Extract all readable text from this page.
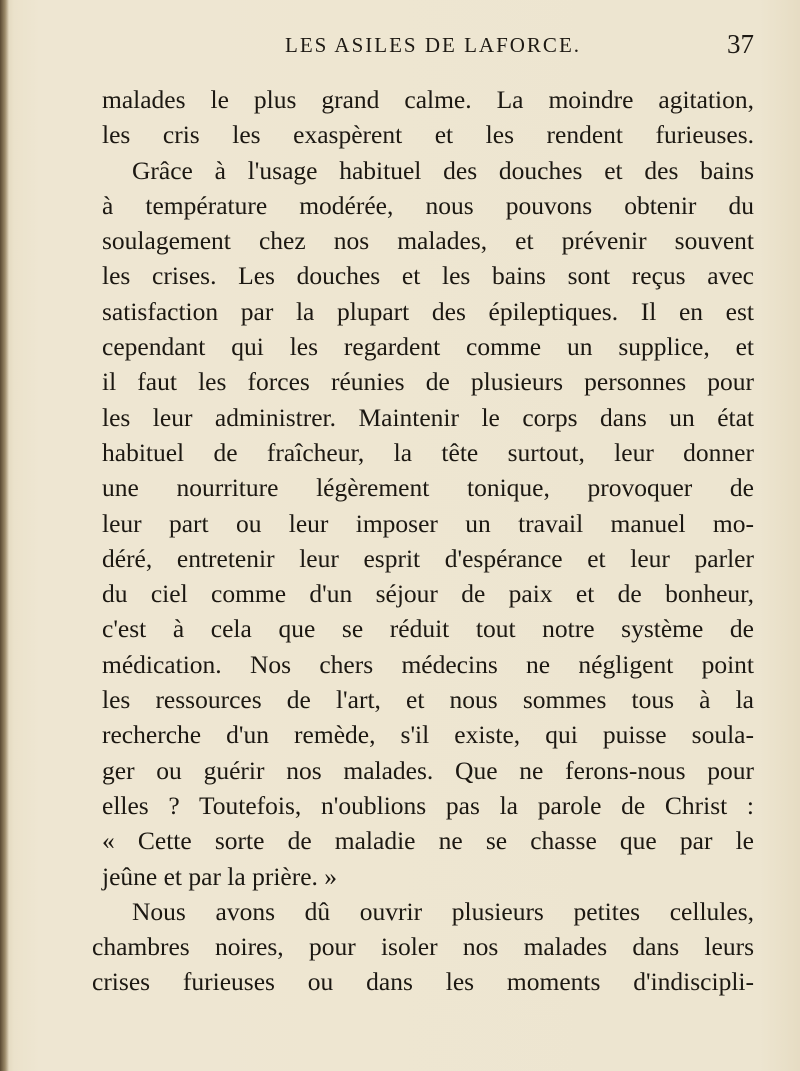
LES ASILES DE LAFORCE.	37
malades le plus grand calme. La moindre agitation,
les cris les exaspèrent et les rendent furieuses.
Grâce à l'usage habituel des douches et des bains
à température modérée, nous pouvons obtenir du
soulagement chez nos malades, et prévenir souvent
les crises. Les douches et les bains sont reçus avec
satisfaction par la plupart des épileptiques. Il en est
cependant qui les regardent comme un supplice, et
il faut les forces réunies de plusieurs personnes pour
les leur administrer. Maintenir le corps dans un état
habituel de fraîcheur, la tête surtout, leur donner
une nourriture légèrement tonique, provoquer de
leur part ou leur imposer un travail manuel mo-
déré, entretenir leur esprit d'espérance et leur parler
du ciel comme d'un séjour de paix et de bonheur,
c'est à cela que se réduit tout notre système de
médication. Nos chers médecins ne négligent point
les ressources de l'art, et nous sommes tous à la
recherche d'un remède, s'il existe, qui puisse soula-
ger ou guérir nos malades. Que ne ferons-nous pour
elles ? Toutefois, n'oublions pas la parole de Christ :
« Cette sorte de maladie ne se chasse que par le
jeûne et par la prière. »
Nous avons dû ouvrir plusieurs petites cellules,
chambres noires, pour isoler nos malades dans leurs
crises furieuses ou dans les moments d'indiscipli-
